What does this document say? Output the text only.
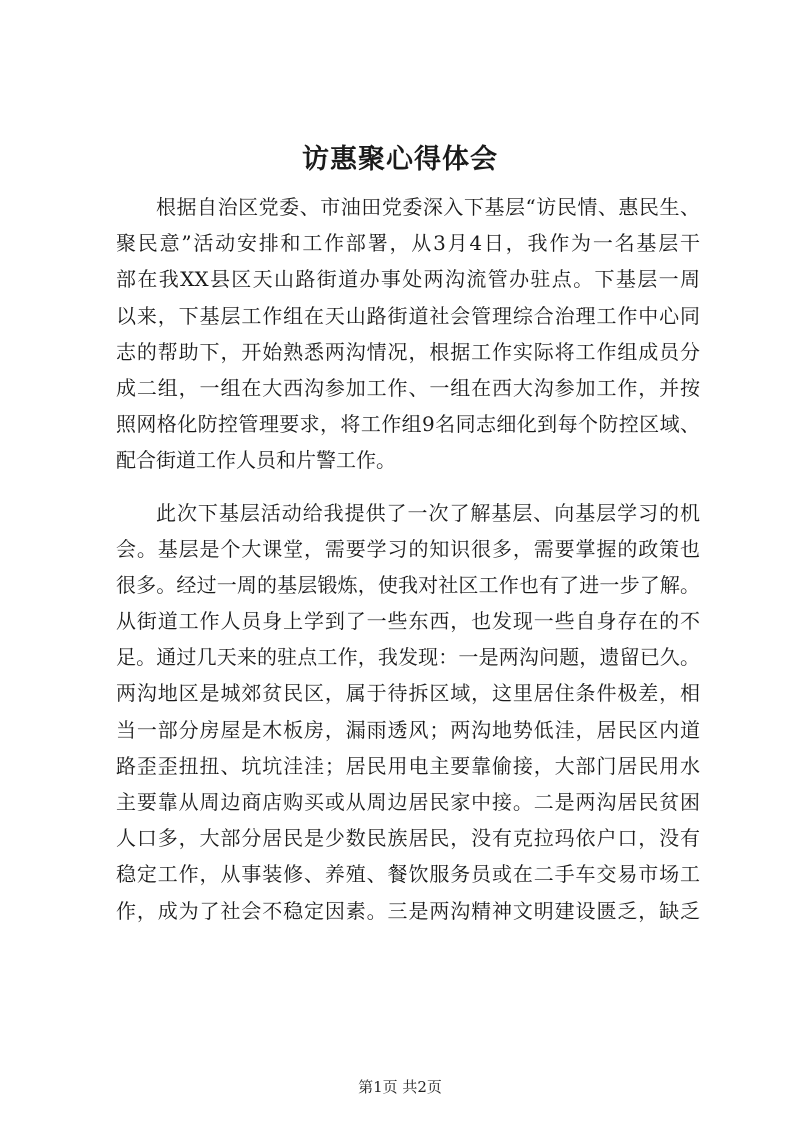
访惠聚心得体会
根据自治区党委、市油田党委深入下基层“访民情、惠民生、
聚民意”活动安排和工作部署，从3月4日，我作为一名基层干
部在我XX县区天山路街道办事处两沟流管办驻点。下基层一周
以来，下基层工作组在天山路街道社会管理综合治理工作中心同
志的帮助下，开始熟悉两沟情况，根据工作实际将工作组成员分
成二组，一组在大西沟参加工作、一组在西大沟参加工作，并按
照网格化防控管理要求，将工作组9名同志细化到每个防控区域、
配合街道工作人员和片警工作。
此次下基层活动给我提供了一次了解基层、向基层学习的机
会。基层是个大课堂，需要学习的知识很多，需要掌握的政策也
很多。经过一周的基层锻炼，使我对社区工作也有了进一步了解。
从街道工作人员身上学到了一些东西，也发现一些自身存在的不
足。通过几天来的驻点工作，我发现：一是两沟问题，遗留已久。
两沟地区是城郊贫民区，属于待拆区域，这里居住条件极差，相
当一部分房屋是木板房，漏雨透风；两沟地势低洼，居民区内道
路歪歪扭扭、坑坑洼洼；居民用电主要靠偷接，大部门居民用水
主要靠从周边商店购买或从周边居民家中接。二是两沟居民贫困
人口多，大部分居民是少数民族居民，没有克拉玛依户口，没有
稳定工作，从事装修、养殖、餐饮服务员或在二手车交易市场工
作，成为了社会不稳定因素。三是两沟精神文明建设匮乏，缺乏
第1页 共2页
